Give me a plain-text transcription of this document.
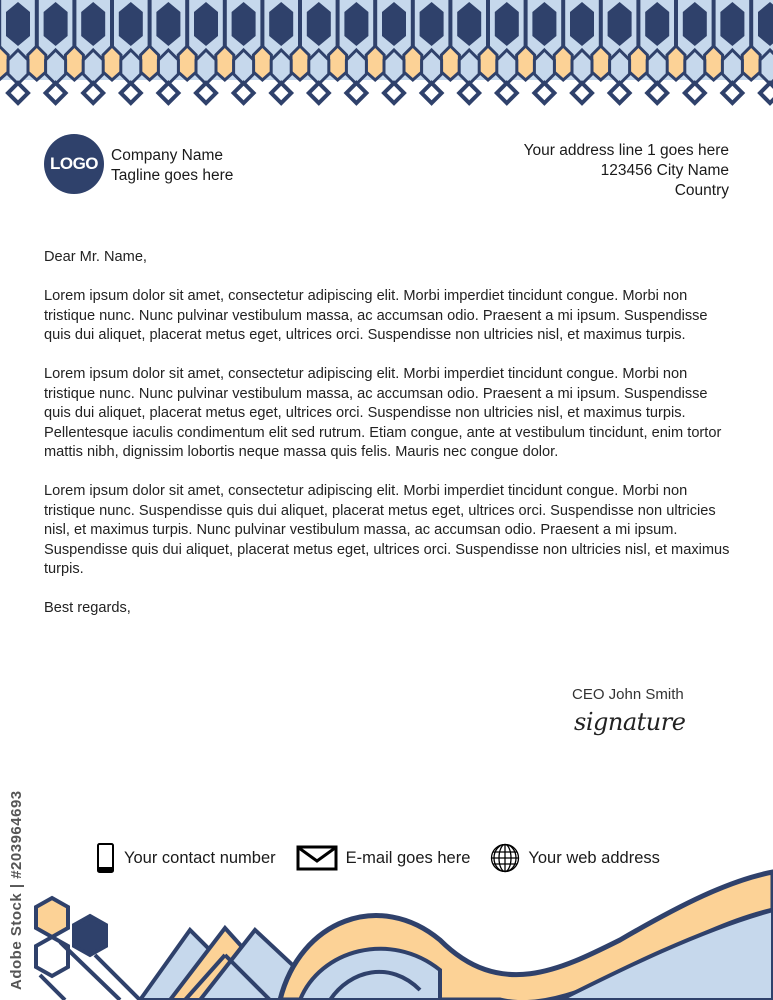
LOGO Company Name
Tagline goes here
Your address line 1 goes here
123456 City Name
Country

Dear Mr. Name,

Lorem ipsum dolor sit amet, consectetur adipiscing elit. Morbi imperdiet tincidunt congue. Morbi non tristique nunc. Nunc pulvinar vestibulum massa, ac accumsan odio. Praesent a mi ipsum. Suspendisse quis dui aliquet, placerat metus eget, ultrices orci. Suspendisse non ultricies nisl, et maximus turpis.

Lorem ipsum dolor sit amet, consectetur adipiscing elit. Morbi imperdiet tincidunt congue. Morbi non tristique nunc. Nunc pulvinar vestibulum massa, ac accumsan odio. Praesent a mi ipsum. Suspendisse quis dui aliquet, placerat metus eget, ultrices orci. Suspendisse non ultricies nisl, et maximus turpis. Pellentesque iaculis condimentum elit sed rutrum. Etiam congue, ante at vestibulum tincidunt, enim tortor mattis nibh, dignissim lobortis neque massa quis felis. Mauris nec congue dolor.

Lorem ipsum dolor sit amet, consectetur adipiscing elit. Morbi imperdiet tincidunt congue. Morbi non tristique nunc. Suspendisse quis dui aliquet, placerat metus eget, ultrices orci. Suspendisse non ultricies nisl, et maximus turpis. Nunc pulvinar vestibulum massa, ac accumsan odio. Praesent a mi ipsum. Suspendisse quis dui aliquet, placerat metus eget, ultrices orci. Suspendisse non ultricies nisl, et maximus turpis.

Best regards,

CEO John Smith
signature
Your contact number	E-mail goes here	Your web address
Adobe Stock | #203964693
